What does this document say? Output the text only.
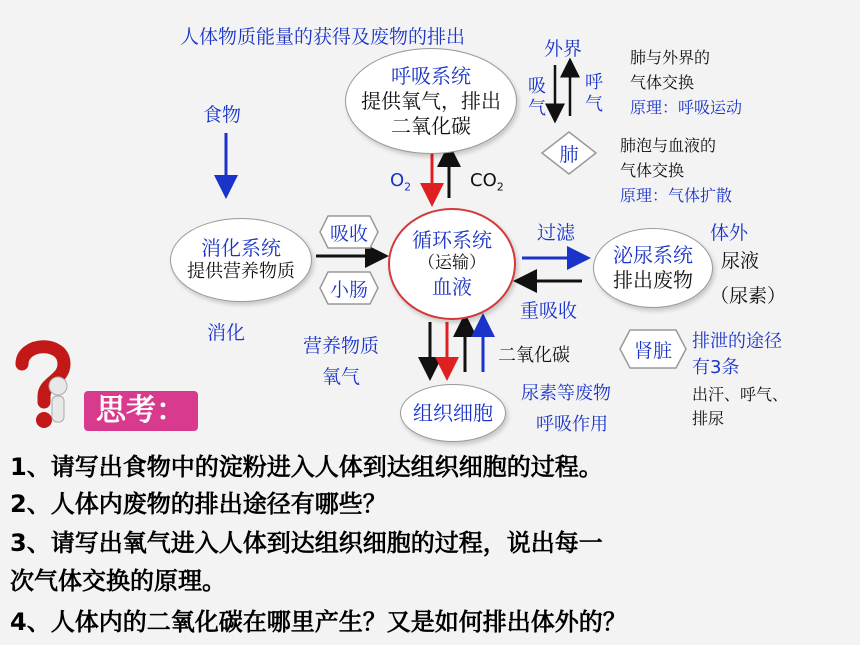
人体物质能量的获得及废物的排出
呼吸系统
提供氧气，排出
二氧化碳
外界
吸气
呼气
肺与外界的
气体交换
原理：呼吸运动
肺	肺泡与血液的
气体交换
原理：气体扩散
$O_2$	$CO_2$
食物
消化系统
提供营养物质
消化
吸收
小肠
循环系统
（运输）
血液
过滤
重吸收
泌尿系统
排出废物
体外
尿液
（尿素）
肾脏 排泄的途径
有3条
出汗、呼气、
排尿
营养物质
氧气
二氧化碳
尿素等废物
呼吸作用
组织细胞
思考：
1、请写出食物中的淀粉进入人体到达组织细胞的过程。
2、人体内废物的排出途径有哪些？
3、请写出氧气进入人体到达组织细胞的过程，说出每一
次气体交换的原理。
4、人体内的二氧化碳在哪里产生？又是如何排出体外的？
